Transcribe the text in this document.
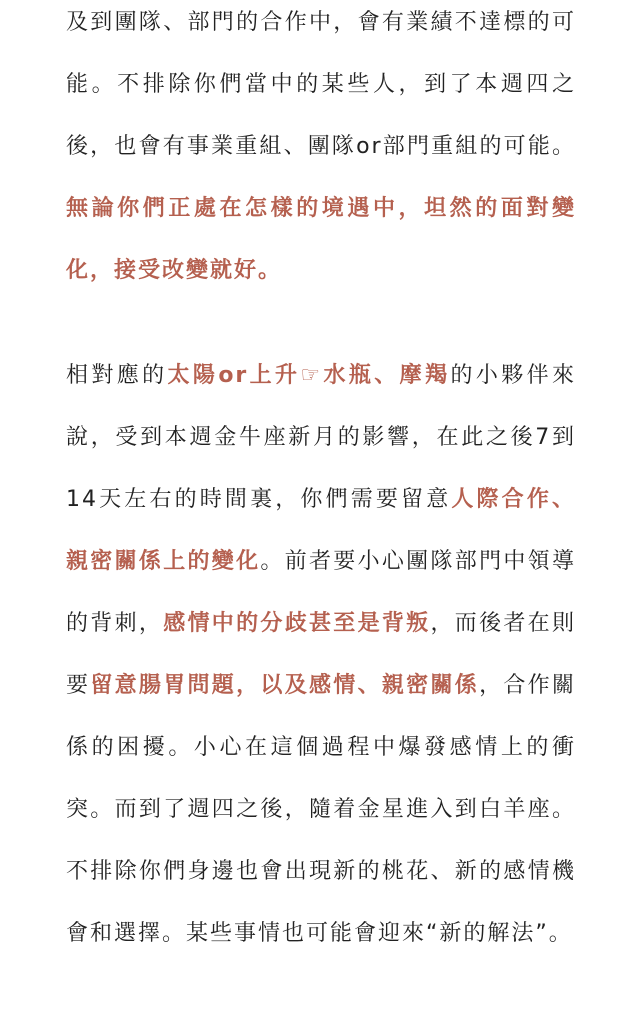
及到團隊、部門的合作中，會有業績不達標的可能。不排除你們當中的某些人，到了本週四之後，也會有事業重組、團隊or部門重組的可能。無論你們正處在怎樣的境遇中，坦然的面對變化，接受改變就好。

相對應的太陽or上升☞水瓶、摩羯的小夥伴來說，受到本週金牛座新月的影響，在此之後7到14天左右的時間裏，你們需要留意人際合作、親密關係上的變化。前者要小心團隊部門中領導的背刺，感情中的分歧甚至是背叛，而後者在則要留意腸胃問題，以及感情、親密關係，合作關係的困擾。小心在這個過程中爆發感情上的衝突。而到了週四之後，隨着金星進入到白羊座。不排除你們身邊也會出現新的桃花、新的感情機會和選擇。某些事情也可能會迎來“新的解法”。
